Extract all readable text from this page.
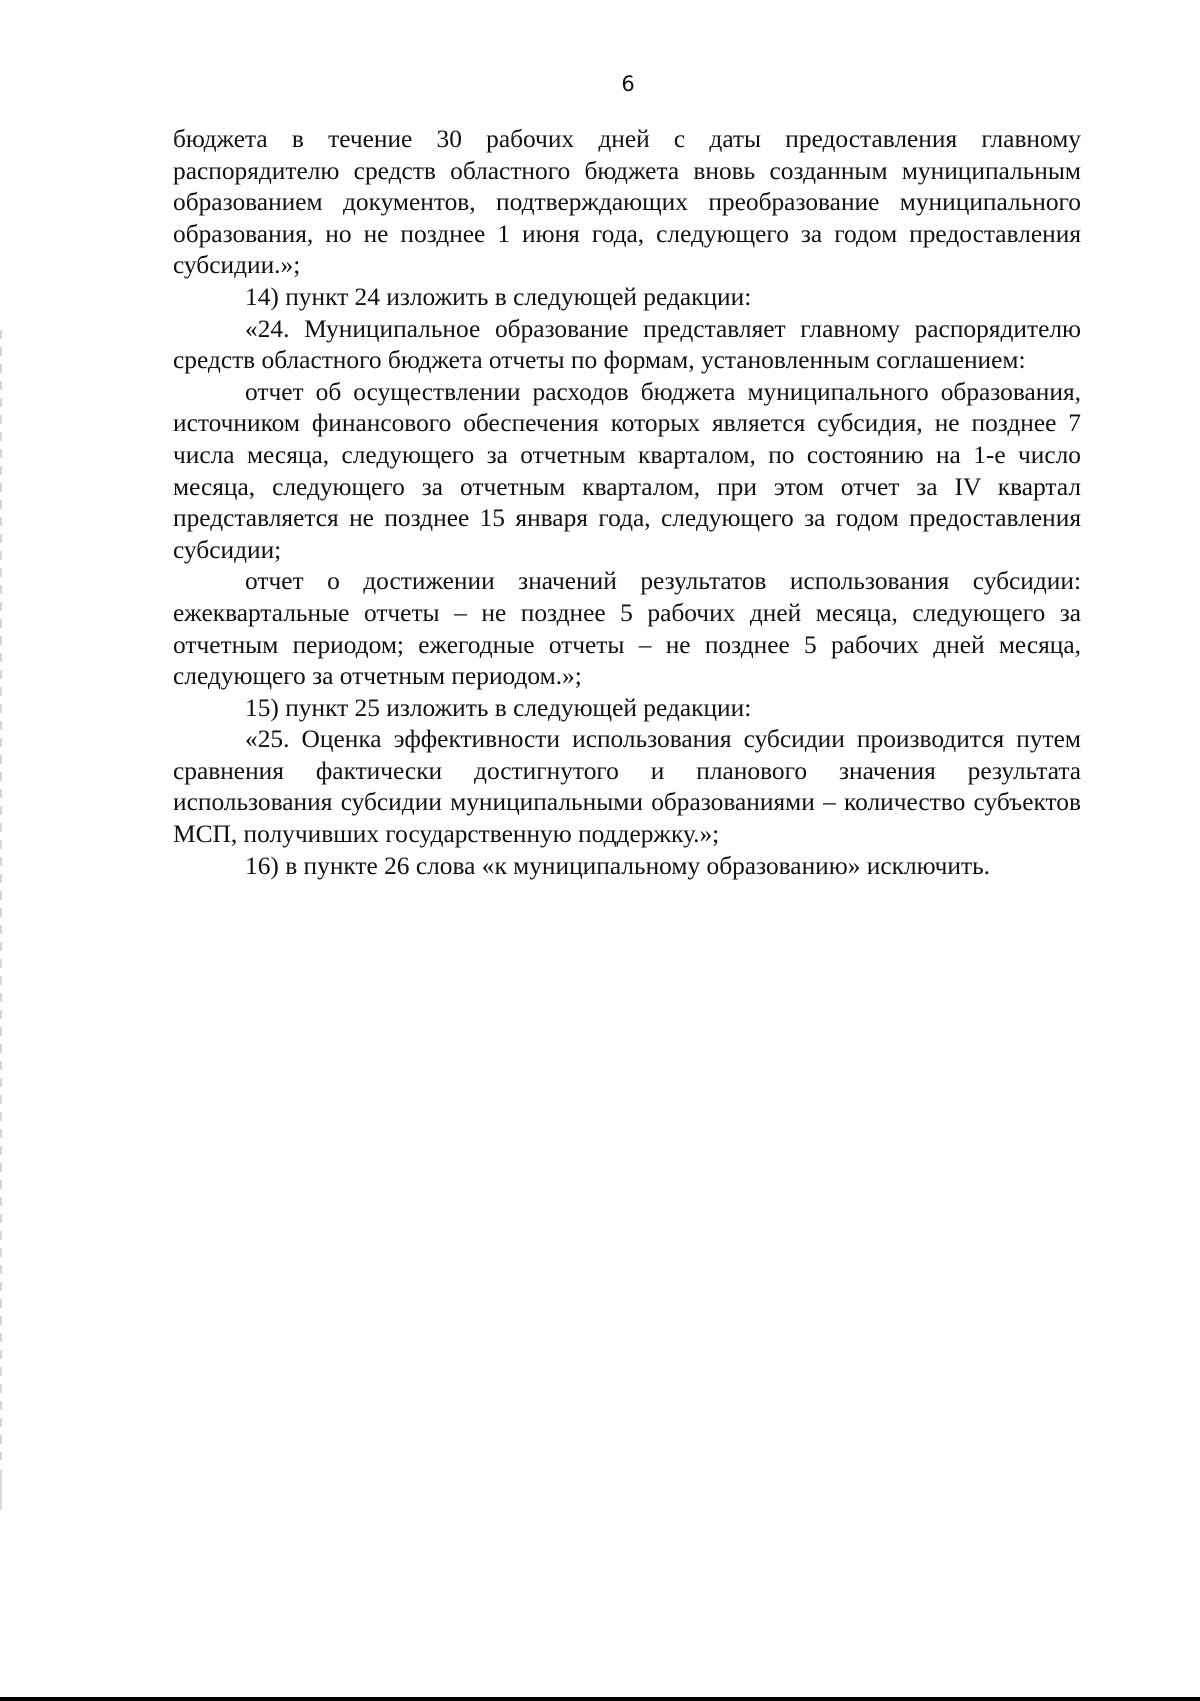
6

бюджета в течение 30 рабочих дней с даты предоставления главному распорядителю средств областного бюджета вновь созданным муниципальным образованием документов, подтверждающих преобразование муниципального образования, но не позднее 1 июня года, следующего за годом предоставления субсидии.»;

14) пункт 24 изложить в следующей редакции:

«24. Муниципальное образование представляет главному распорядителю средств областного бюджета отчеты по формам, установленным соглашением:

отчет об осуществлении расходов бюджета муниципального образования, источником финансового обеспечения которых является субсидия, не позднее 7 числа месяца, следующего за отчетным кварталом, по состоянию на 1-е число месяца, следующего за отчетным кварталом, при этом отчет за IV квартал представляется не позднее 15 января года, следующего за годом предоставления субсидии;

отчет о достижении значений результатов использования субсидии: ежеквартальные отчеты – не позднее 5 рабочих дней месяца, следующего за отчетным периодом; ежегодные отчеты – не позднее 5 рабочих дней месяца, следующего за отчетным периодом.»;

15) пункт 25 изложить в следующей редакции:

«25. Оценка эффективности использования субсидии производится путем сравнения фактически достигнутого и планового значения результата использования субсидии муниципальными образованиями – количество субъектов МСП, получивших государственную поддержку.»;

16) в пункте 26 слова «к муниципальному образованию» исключить.
